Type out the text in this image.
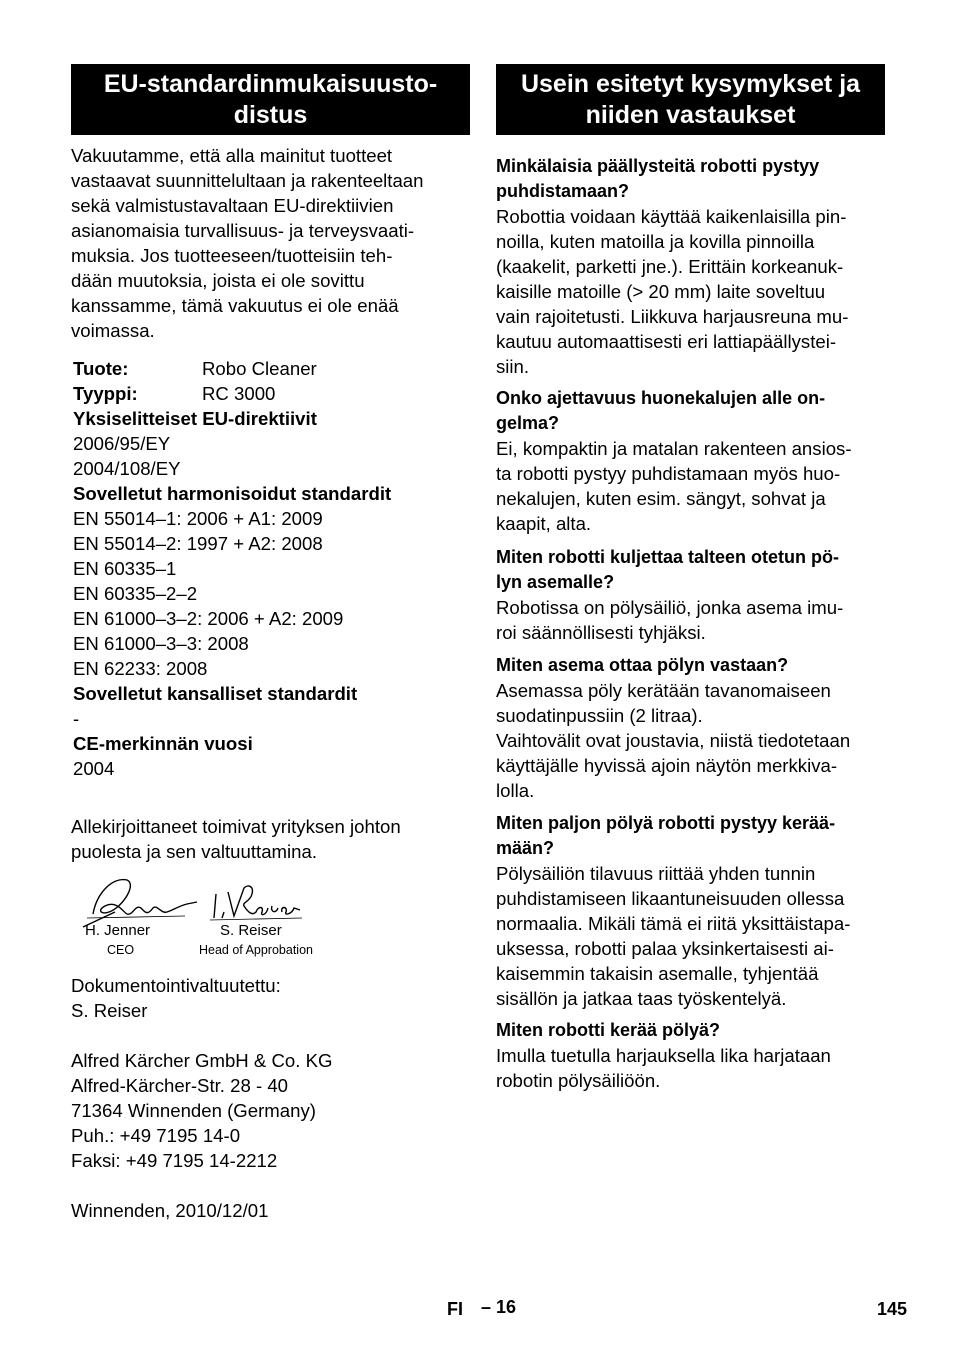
EU-standardinmukaisuusto-
distus
Vakuutamme, että alla mainitut tuotteet
vastaavat suunnittelultaan ja rakenteeltaan
sekä valmistustavaltaan EU-direktiivien
asianomaisia turvallisuus- ja terveysvaati-
muksia. Jos tuotteeseen/tuotteisiin teh-
dään muutoksia, joista ei ole sovittu
kanssamme, tämä vakuutus ei ole enää
voimassa.
Tuote:	Robo Cleaner
Tyyppi:	RC 3000
Yksiselitteiset EU-direktiivit
2006/95/EY
2004/108/EY
Sovelletut harmonisoidut standardit
EN 55014–1: 2006 + A1: 2009
EN 55014–2: 1997 + A2: 2008
EN 60335–1
EN 60335–2–2
EN 61000–3–2: 2006 + A2: 2009
EN 61000–3–3: 2008
EN 62233: 2008
Sovelletut kansalliset standardit
-
CE-merkinnän vuosi
2004
Allekirjoittaneet toimivat yrityksen johton
puolesta ja sen valtuuttamina.
H. Jenner
CEO
S. Reiser
Head of Approbation
Dokumentointivaltuutettu:
S. Reiser
Alfred Kärcher GmbH & Co. KG
Alfred-Kärcher-Str. 28 - 40
71364 Winnenden (Germany)
Puh.: +49 7195 14-0
Faksi: +49 7195 14-2212
Winnenden, 2010/12/01
Usein esitetyt kysymykset ja
niiden vastaukset
Minkälaisia päällysteitä robotti pystyy
puhdistamaan?
Robottia voidaan käyttää kaikenlaisilla pin-
noilla, kuten matoilla ja kovilla pinnoilla
(kaakelit, parketti jne.). Erittäin korkeanuk-
kaisille matoille (> 20 mm) laite soveltuu
vain rajoitetusti. Liikkuva harjausreuna mu-
kautuu automaattisesti eri lattiapäällystei-
siin.
Onko ajettavuus huonekalujen alle on-
gelma?
Ei, kompaktin ja matalan rakenteen ansios-
ta robotti pystyy puhdistamaan myös huo-
nekalujen, kuten esim. sängyt, sohvat ja
kaapit, alta.
Miten robotti kuljettaa talteen otetun pö-
lyn asemalle?
Robotissa on pölysäiliö, jonka asema imu-
roi säännöllisesti tyhjäksi.
Miten asema ottaa pölyn vastaan?
Asemassa pöly kerätään tavanomaiseen
suodatinpussiin (2 litraa).
Vaihtovälit ovat joustavia, niistä tiedotetaan
käyttäjälle hyvissä ajoin näytön merkkiva-
lolla.
Miten paljon pölyä robotti pystyy kerää-
mään?
Pölysäiliön tilavuus riittää yhden tunnin
puhdistamiseen likaantuneisuuden ollessa
normaalia. Mikäli tämä ei riitä yksittäistapa-
uksessa, robotti palaa yksinkertaisesti ai-
kaisemmin takaisin asemalle, tyhjentää
sisällön ja jatkaa taas työskentelyä.
Miten robotti kerää pölyä?
Imulla tuetulla harjauksella lika harjataan
robotin pölysäiliöön.
FI – 16	145
